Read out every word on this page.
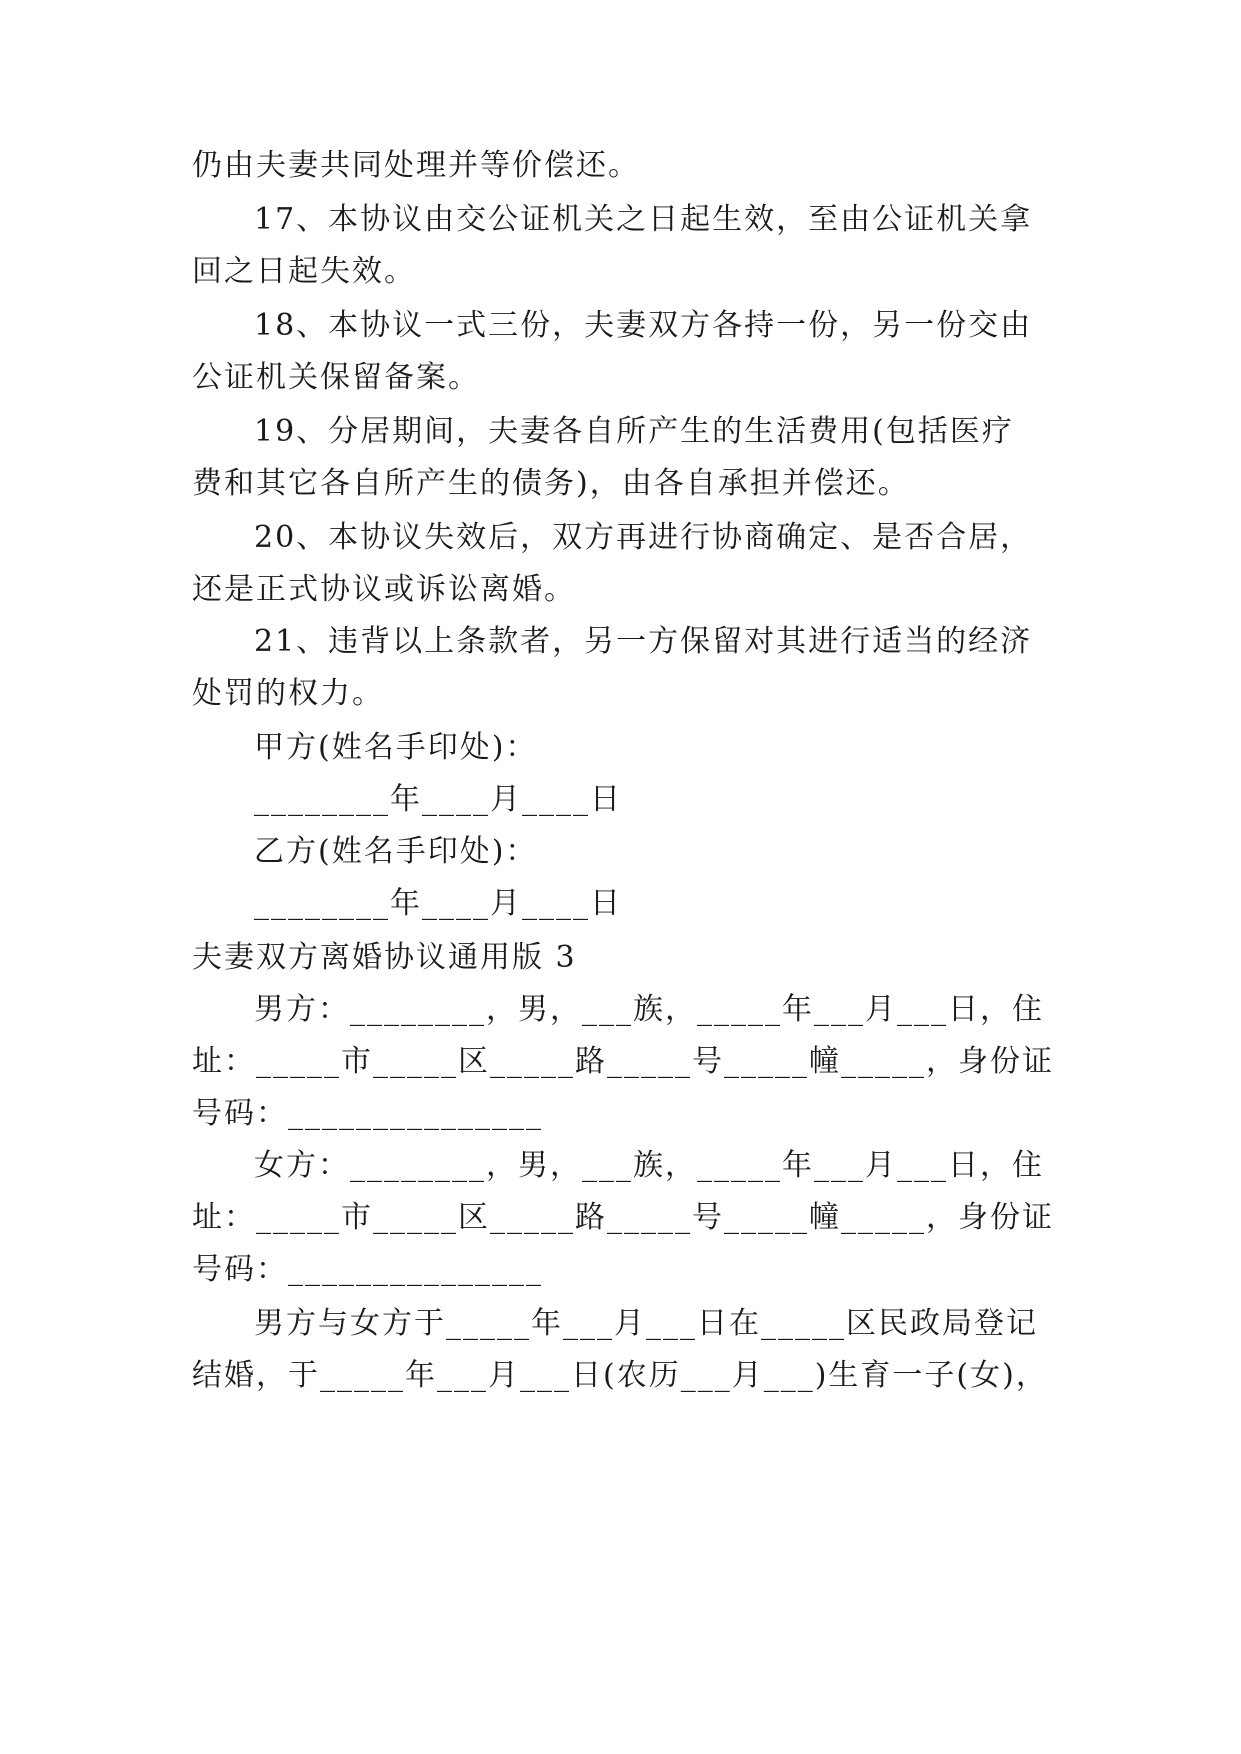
仍由夫妻共同处理并等价偿还。
17、本协议由交公证机关之日起生效，至由公证机关拿
回之日起失效。
18、本协议一式三份，夫妻双方各持一份，另一份交由
公证机关保留备案。
19、分居期间，夫妻各自所产生的生活费用(包括医疗
费和其它各自所产生的债务)，由各自承担并偿还。
20、本协议失效后，双方再进行协商确定、是否合居，
还是正式协议或诉讼离婚。
21、违背以上条款者，另一方保留对其进行适当的经济
处罚的权力。
甲方(姓名手印处)：
________年____月____日
乙方(姓名手印处)：
________年____月____日
夫妻双方离婚协议通用版 3
男方：________，男，___族，_____年___月___日，住
址：_____市_____区_____路_____号_____幢_____，身份证
号码：_______________
女方：________，男，___族，_____年___月___日，住
址：_____市_____区_____路_____号_____幢_____，身份证
号码：_______________
男方与女方于_____年___月___日在_____区民政局登记
结婚，于_____年___月___日(农历___月___)生育一子(女)，
